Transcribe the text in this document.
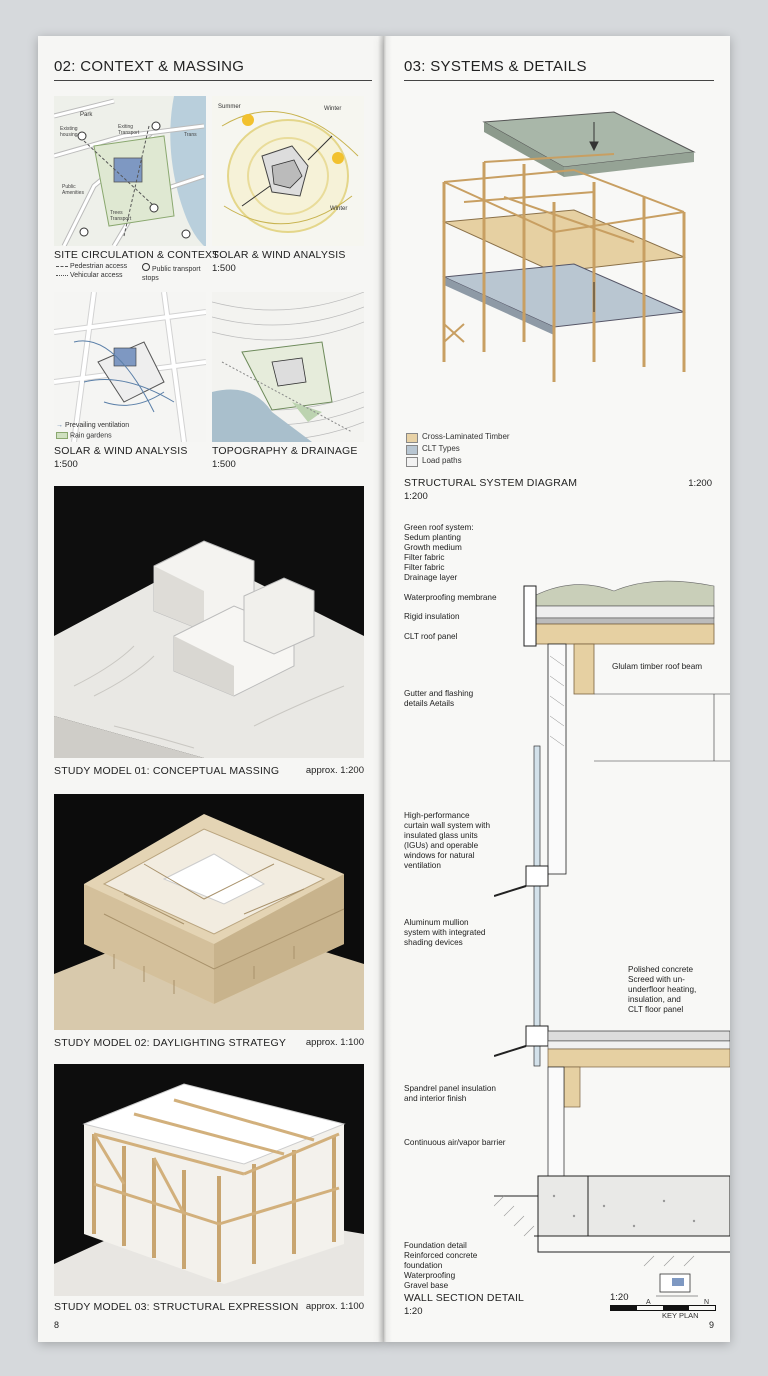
02: CONTEXT & MASSING
Existing
housing
Exiting
Transport	Trans
Public
Amenities
Trees
Transport
Park
SITE CIRCULATION & CONTEXT
Pedestrian access
Vehicular access
Public transport stops
Summer	Winter
Winter
SOLAR & WIND ANALYSIS
1:500
→ Prevailing ventilation
Rain gardens
SOLAR & WIND ANALYSIS
1:500
TOPOGRAPHY & DRAINAGE
1:500
STUDY MODEL 01: CONCEPTUAL MASSING	approx. 1:200
STUDY MODEL 02: DAYLIGHTING STRATEGY approx. 1:100
STUDY MODEL 03: STRUCTURAL EXPRESSION approx. 1:100
8
03: SYSTEMS & DETAILS
Cross-Laminated Timber
CLT Types
Load paths
STRUCTURAL SYSTEM DIAGRAM
1:200
1:200
Green roof system:
Sedum planting
Growth medium
Filter fabric
Filter fabric
Drainage layer
Waterproofing membrane
Rigid insulation
CLT roof panel
Gutter and flashing
details Aetails
High-performance
curtain wall system with
insulated glass units
(IGUs) and operable
windows for natural
ventilation
Aluminum mullion
system with integrated
shading devices
Spandrel panel insulation
and interior finish
Continuous air/vapor barrier
Foundation detail
Reinforced concrete
foundation
Waterproofing
Gravel base
Glulam timber roof beam
Polished concrete
Screed with un-
underfloor heating,
insulation, and
CLT floor panel
A	N
KEY PLAN
WALL SECTION DETAIL
1:20
1:20
9
